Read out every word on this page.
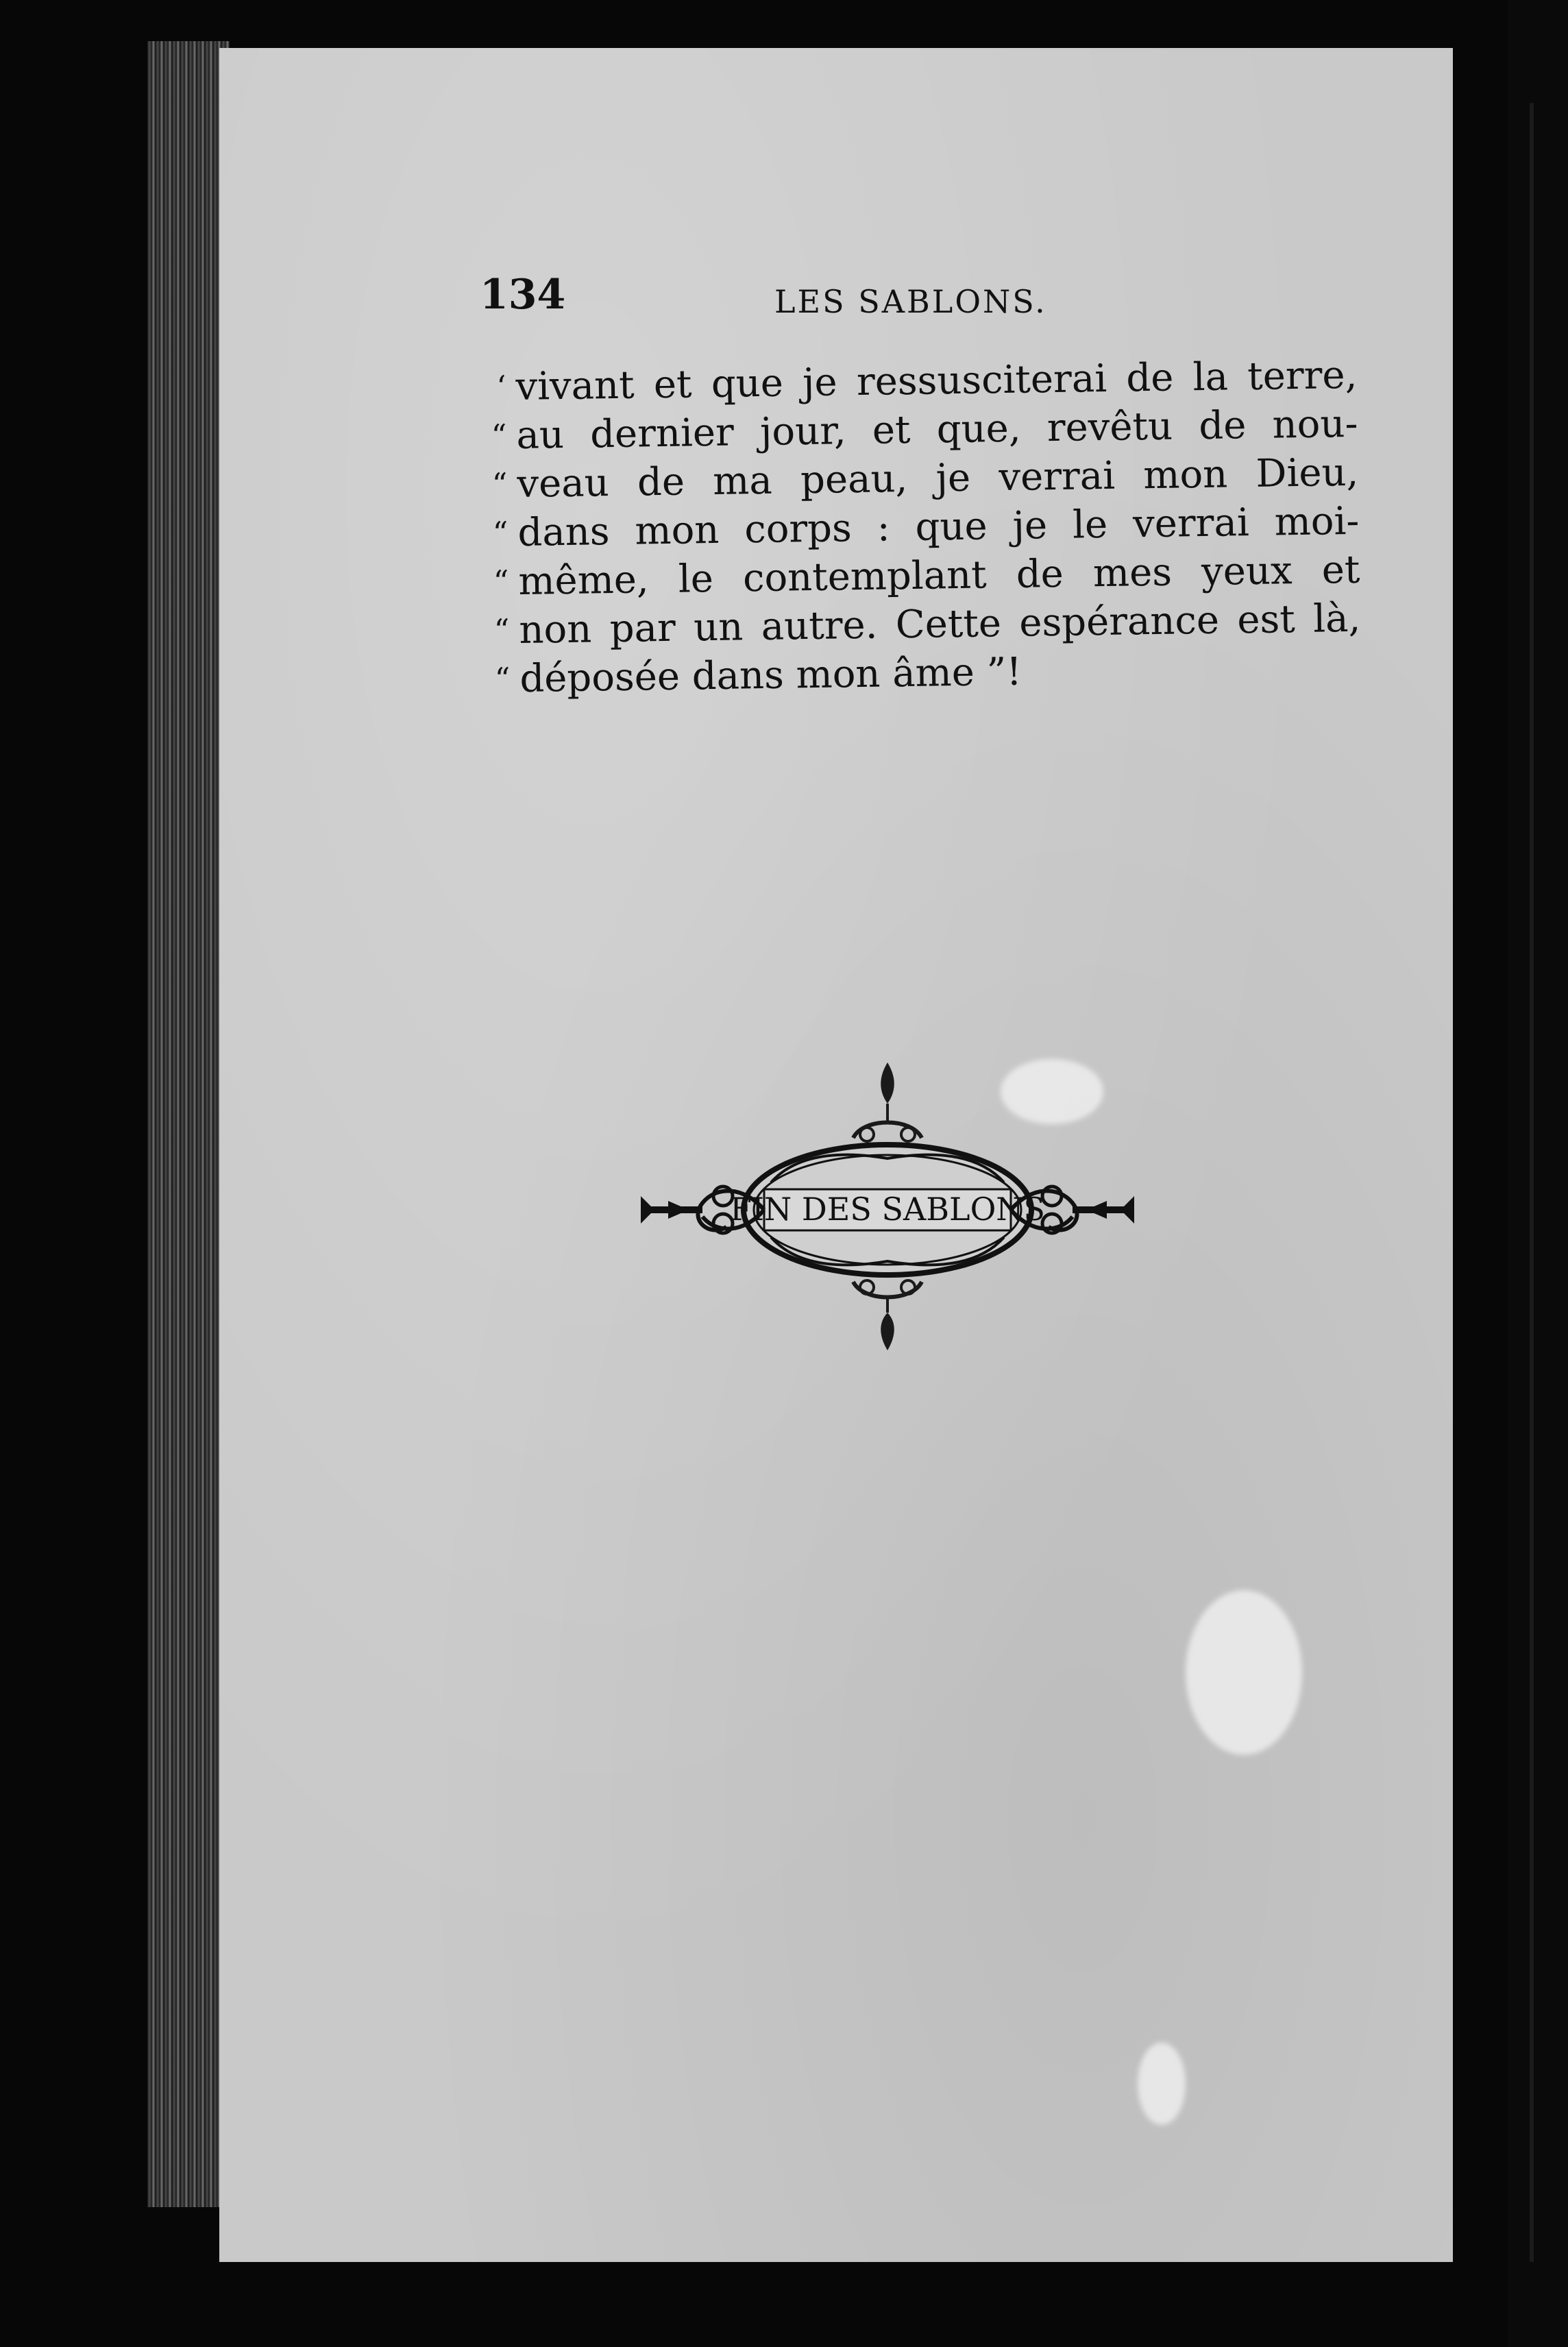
134	LES SABLONS.
‘ vivant et que je ressusciterai de la terre,
“ au dernier jour, et que, revêtu de nou-
“ veau de ma peau, je verrai mon Dieu,
“ dans mon corps : que je le verrai moi-
“ même, le contemplant de mes yeux et
“ non par un autre. Cette espérance est là,
“ déposée dans mon âme ”!
FIN DES SABLONS
